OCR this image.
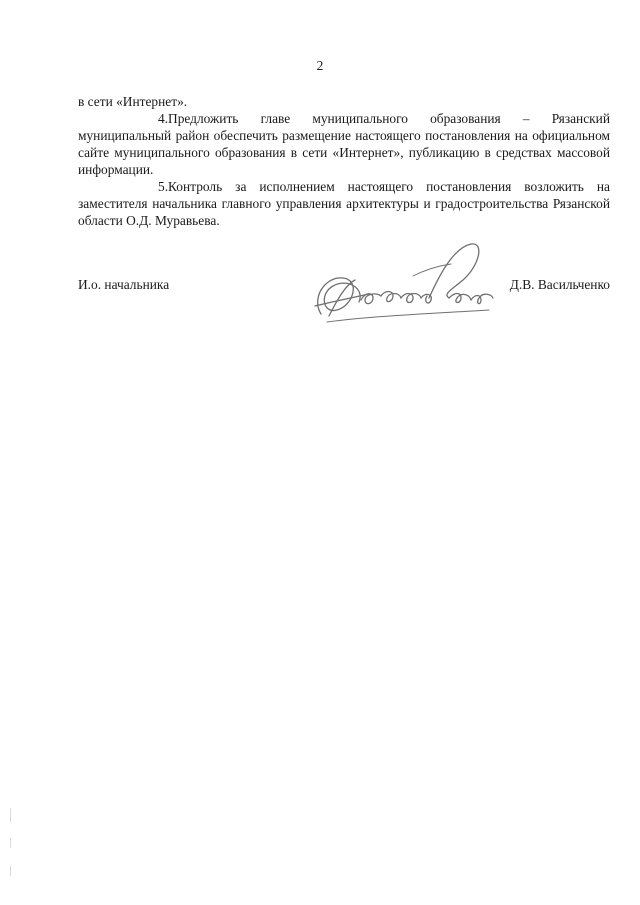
2

в сети «Интернет».

4.Предложить главе муниципального образования – Рязанский муниципальный район обеспечить размещение настоящего постановления на официальном сайте муниципального образования в сети «Интернет», публикацию в средствах массовой информации.

5.Контроль за исполнением настоящего постановления возложить на заместителя начальника главного управления архитектуры и градостроительства Рязанской области О.Д. Муравьева.

И.о. начальника	Д.В. Васильченко
